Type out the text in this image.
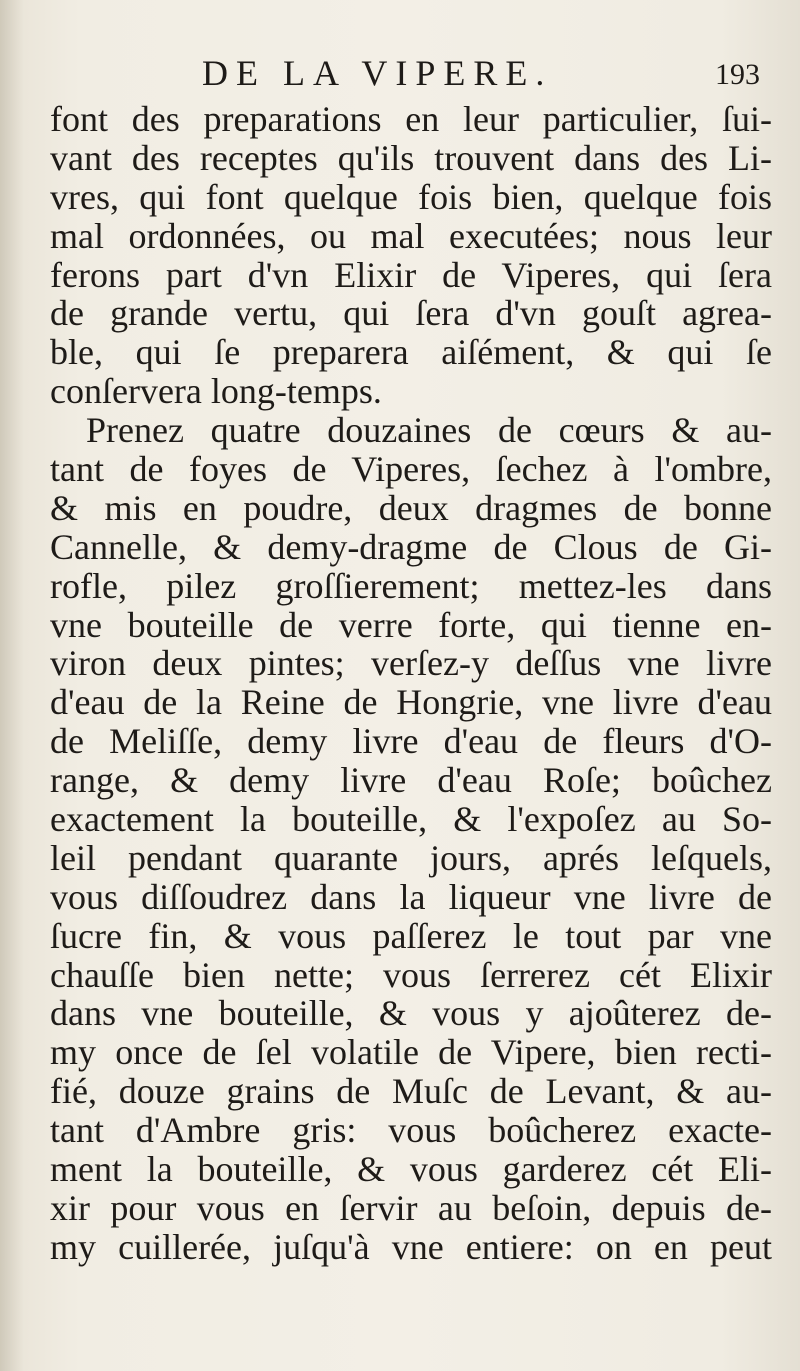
DE LA VIPERE.	193
font des preparations en leur particulier, ſui-
vant des receptes qu'ils trouvent dans des Li-
vres, qui font quelque fois bien, quelque fois
mal ordonnées, ou mal executées; nous leur
ferons part d'vn Elixir de Viperes, qui ſera
de grande vertu, qui ſera d'vn gouſt agrea-
ble, qui ſe preparera aiſément, & qui ſe
conſervera long-temps.
Prenez quatre douzaines de cœurs & au-
tant de foyes de Viperes, ſechez à l'ombre,
& mis en poudre, deux dragmes de bonne
Cannelle, & demy-dragme de Clous de Gi-
rofle, pilez groſſierement; mettez-les dans
vne bouteille de verre forte, qui tienne en-
viron deux pintes; verſez-y deſſus vne livre
d'eau de la Reine de Hongrie, vne livre d'eau
de Meliſſe, demy livre d'eau de fleurs d'O-
range, & demy livre d'eau Roſe; boûchez
exactement la bouteille, & l'expoſez au So-
leil pendant quarante jours, aprés leſquels,
vous diſſoudrez dans la liqueur vne livre de
ſucre fin, & vous paſſerez le tout par vne
chauſſe bien nette; vous ſerrerez cét Elixir
dans vne bouteille, & vous y ajoûterez de-
my once de ſel volatile de Vipere, bien recti-
fié, douze grains de Muſc de Levant, & au-
tant d'Ambre gris: vous boûcherez exacte-
ment la bouteille, & vous garderez cét Eli-
xir pour vous en ſervir au beſoin, depuis de-
my cuillerée, juſqu'à vne entiere: on en peut
